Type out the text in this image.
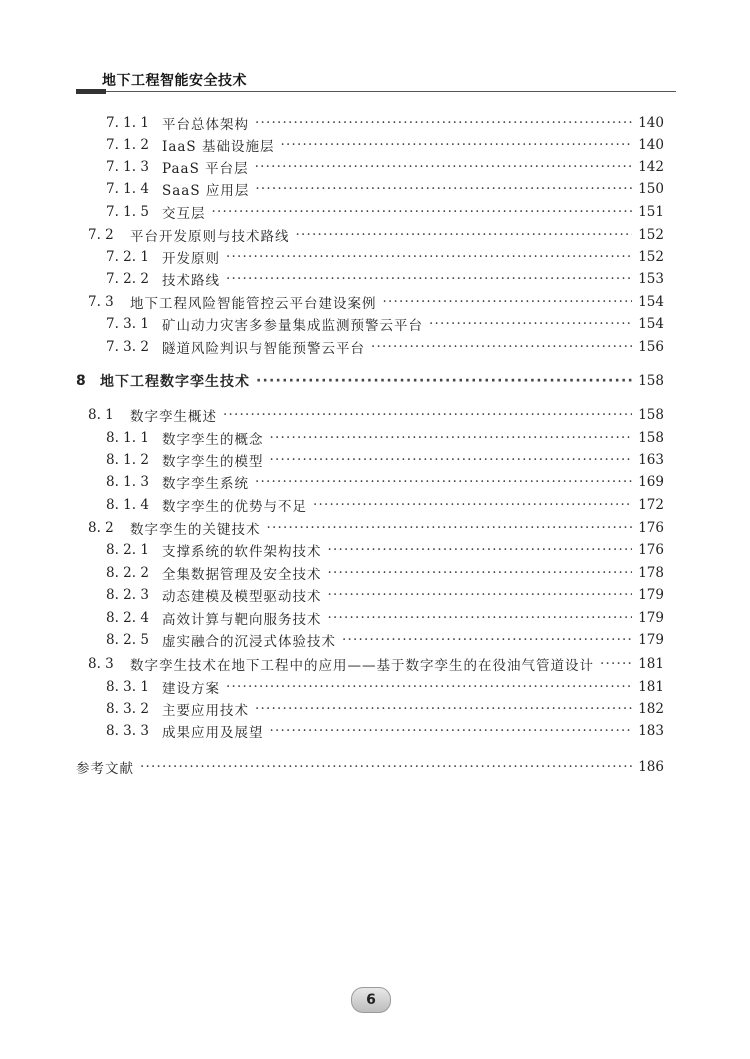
地下工程智能安全技术
7. 1. 1 平台总体架构 ·····	140
7. 1. 2 IaaS 基础设施层 ·····	140
7. 1. 3 PaaS 平台层 ·····	142
7. 1. 4 SaaS 应用层 ·····	150
7. 1. 5 交互层 ·····	151
7. 2	平台开发原则与技术路线 ·····	152
7. 2. 1 开发原则 ·····	152
7. 2. 2 技术路线 ·····	153
7. 3	地下工程风险智能管控云平台建设案例 ·····	154
7. 3. 1 矿山动力灾害多参量集成监测预警云平台 ·····	154
7. 3. 2 隧道风险判识与智能预警云平台 ·····	156
8	地下工程数字孪生技术 ·····	158
8. 1	数字孪生概述 ·····	158
8. 1. 1 数字孪生的概念 ·····	158
8. 1. 2 数字孪生的模型 ·····	163
8. 1. 3 数字孪生系统 ·····	169
8. 1. 4 数字孪生的优势与不足 ·····	172
8. 2	数字孪生的关键技术 ·····	176
8. 2. 1 支撑系统的软件架构技术 ·····	176
8. 2. 2 全集数据管理及安全技术 ·····	178
8. 2. 3 动态建模及模型驱动技术 ·····	179
8. 2. 4 高效计算与靶向服务技术 ·····	179
8. 2. 5 虚实融合的沉浸式体验技术 ·····	179
8. 3	数字孪生技术在地下工程中的应用——基于数字孪生的在役油气管道设计 ·····	181
8. 3. 1 建设方案 ·····	181
8. 3. 2 主要应用技术 ·····	182
8. 3. 3 成果应用及展望 ·····	183
参考文献 ·····	186
6
